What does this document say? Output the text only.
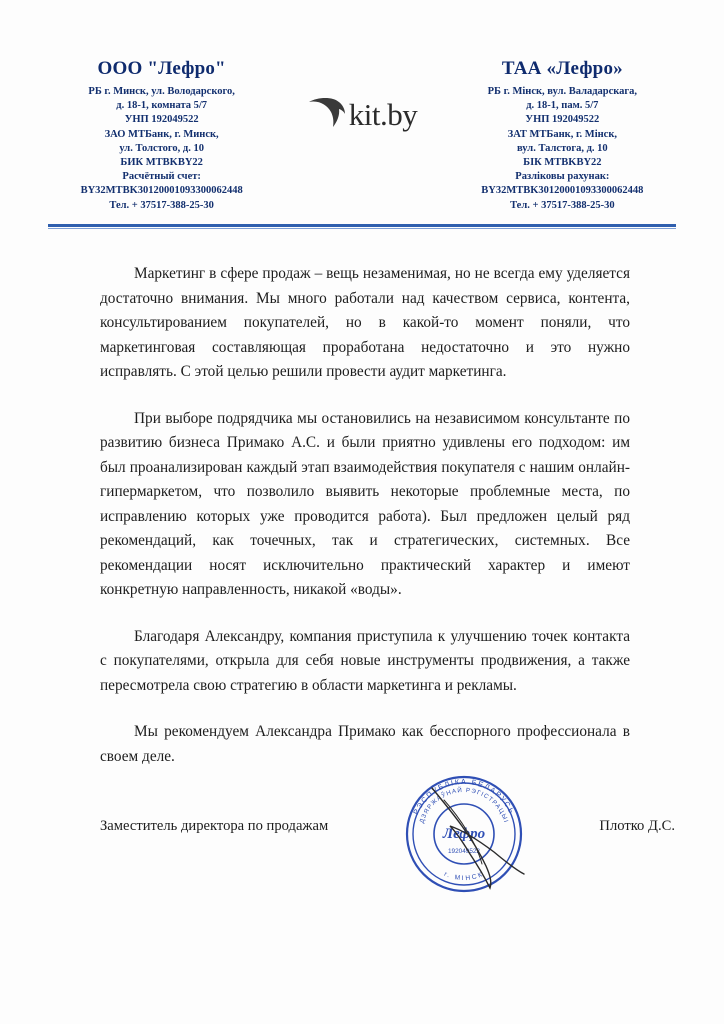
ООО "Лефро"
РБ г. Минск, ул. Володарского,
д. 18-1, комната 5/7
УНП 192049522
ЗАО МТБанк, г. Минск,
ул. Толстого, д. 10
БИК MTBKBY22
Расчётный счет:
BY32MTBK30120001093300062448
Тел. + 37517-388-25-30
kit.by
ТАА «Лефро»
РБ г. Мінск, вул. Валадарскага,
д. 18-1, пам. 5/7
УНП 192049522
ЗАТ МТБанк, г. Мінск,
вул. Талстога, д. 10
БІК MTBKBY22
Разліковы рахунак:
BY32MTBK30120001093300062448
Тел. + 37517-388-25-30

Маркетинг в сфере продаж – вещь незаменимая, но не всегда ему уделяется достаточно внимания. Мы много работали над качеством сервиса, контента, консультированием покупателей, но в какой-то момент поняли, что маркетинговая составляющая проработана недостаточно и это нужно исправлять. С этой целью решили провести аудит маркетинга.

При выборе подрядчика мы остановились на независимом консультанте по развитию бизнеса Примако А.С. и были приятно удивлены его подходом: им был проанализирован каждый этап взаимодействия покупателя с нашим онлайн-гипермаркетом, что позволило выявить некоторые проблемные места, по исправлению которых уже проводится работа). Был предложен целый ряд рекомендаций, как точечных, так и стратегических, системных. Все рекомендации носят исключительно практический характер и имеют конкретную направленность, никакой «воды».

Благодаря Александру, компания приступила к улучшению точек контакта с покупателями, открыла для себя новые инструменты продвижения, а также пересмотрела свою стратегию в области маркетинга и рекламы.

Мы рекомендуем Александра Примако как бесспорного профессионала в своем деле.

РЭСПУБЛІКА БЕЛАРУСЬ
ДЗЯРЖАЎНАЙ РЭГІСТРАЦЫІ
г. МІНСК
Лефро
192049522
Заместитель директора по продажам	Плотко Д.С.
